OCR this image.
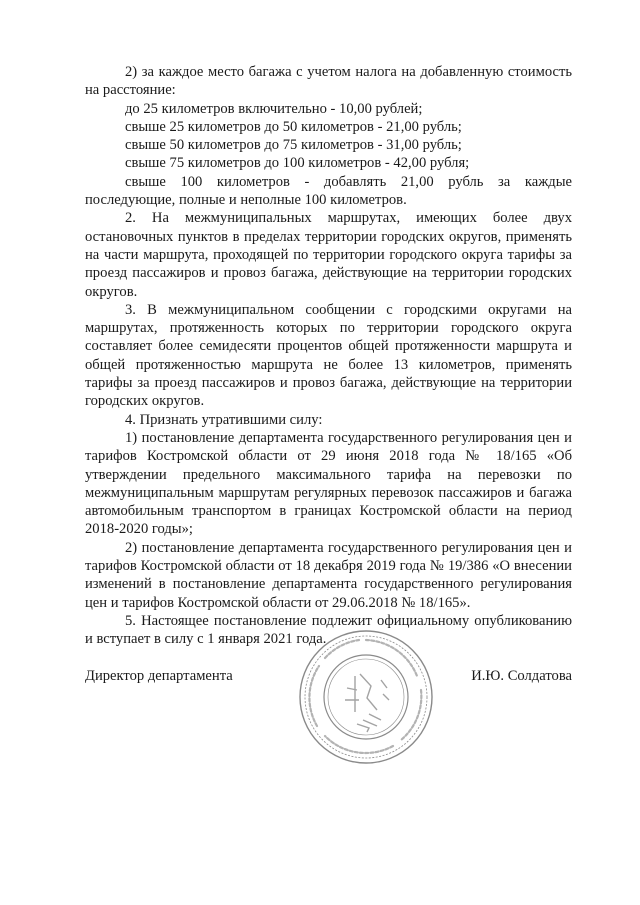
2) за каждое место багажа с учетом налога на добавленную стоимость на расстояние:

до 25 километров включительно - 10,00 рублей;

свыше 25 километров до 50 километров - 21,00 рубль;

свыше 50 километров до 75 километров - 31,00 рубль;

свыше 75 километров до 100 километров - 42,00 рубля;

свыше 100 километров - добавлять 21,00 рубль за каждые последующие, полные и неполные 100 километров.

2. На межмуниципальных маршрутах, имеющих более двух остановочных пунктов в пределах территории городских округов, применять на части маршрута, проходящей по территории городского округа тарифы за проезд пассажиров и провоз багажа, действующие на территории городских округов.

3. В межмуниципальном сообщении с городскими округами на маршрутах, протяженность которых по территории городского округа составляет более семидесяти процентов общей протяженности маршрута и общей протяженностью маршрута не более 13 километров, применять тарифы за проезд пассажиров и провоз багажа, действующие на территории городских округов.

4. Признать утратившими силу:

1) постановление департамента государственного регулирования цен и тарифов Костромской области от 29 июня 2018 года № 18/165 «Об утверждении предельного максимального тарифа на перевозки по межмуниципальным маршрутам регулярных перевозок пассажиров и багажа автомобильным транспортом в границах Костромской области на период 2018-2020 годы»;

2) постановление департамента государственного регулирования цен и тарифов Костромской области от 18 декабря 2019 года № 19/386 «О внесении изменений в постановление департамента государственного регулирования цен и тарифов Костромской области от 29.06.2018 № 18/165».

5. Настоящее постановление подлежит официальному опубликованию и вступает в силу с 1 января 2021 года.

Директор департамента	И.Ю. Солдатова
